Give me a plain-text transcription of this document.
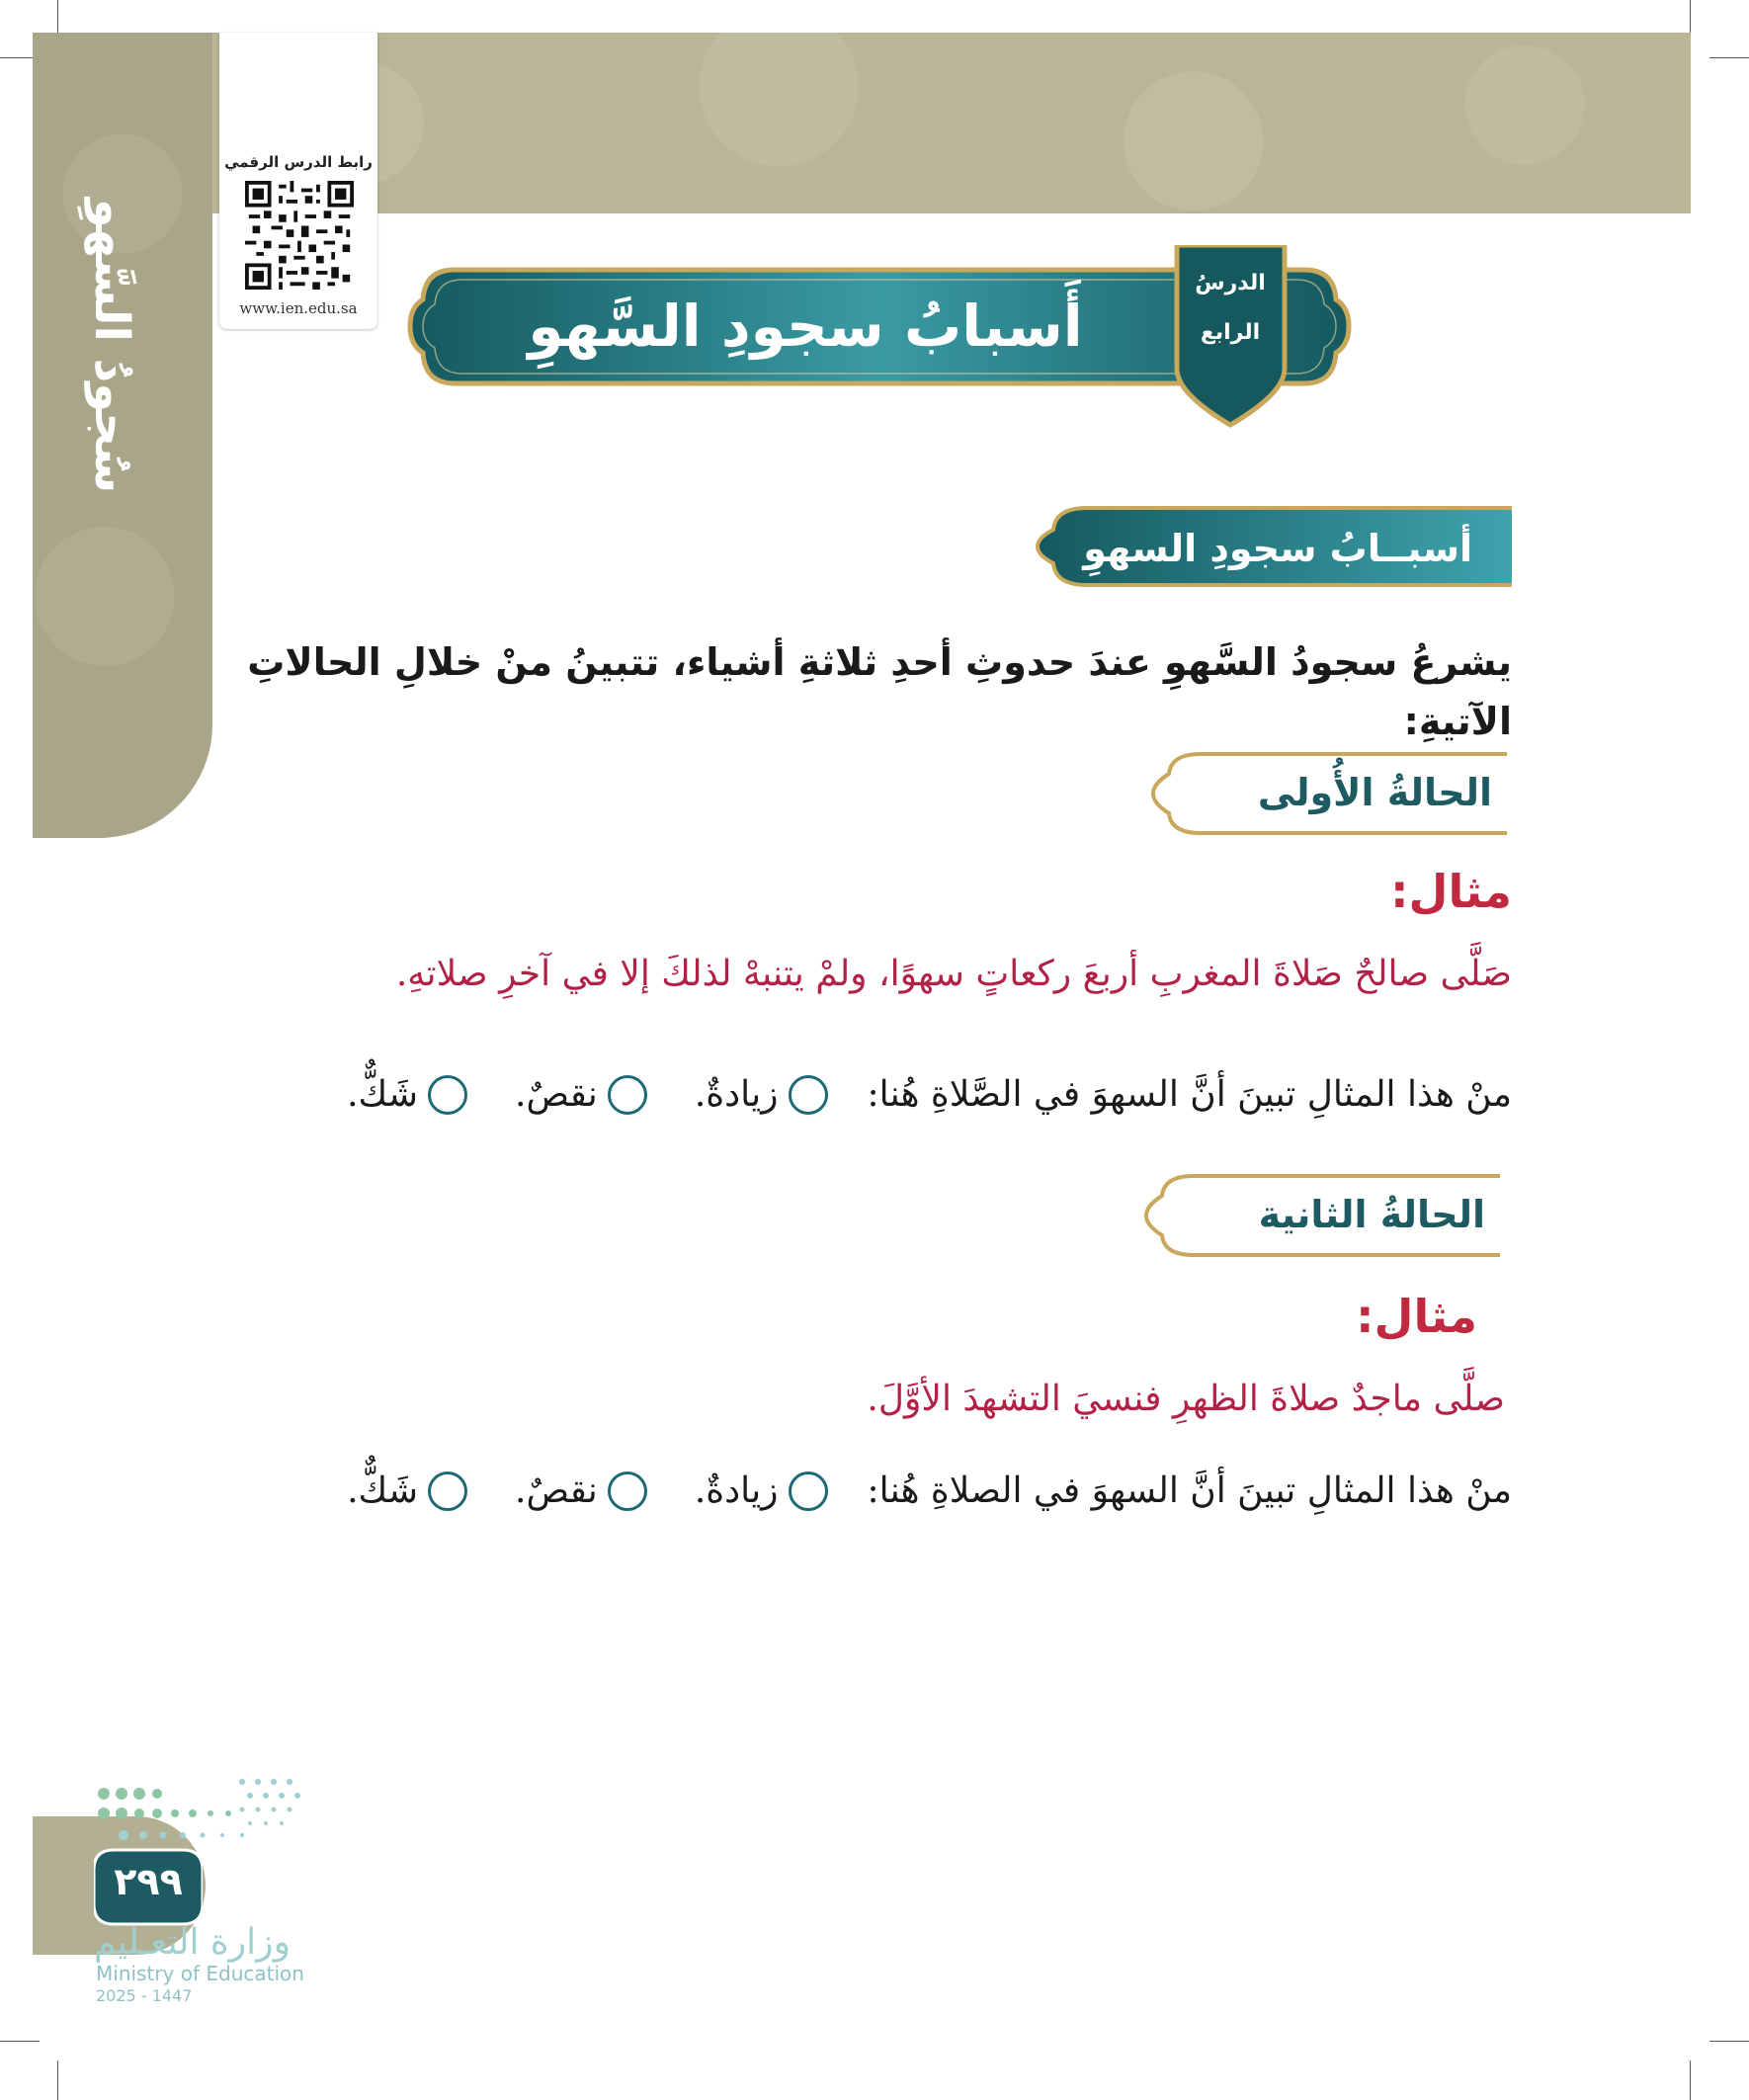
سُجودُ السَّهوِ
رابط الدرس الرقمي
www.ien.edu.sa
الدرسُ
الرابع
أَسبابُ سجودِ السَّهوِ
أسبــابُ سجودِ السهوِ
يشرعُ سجودُ السَّهوِ عندَ حدوثِ أحدِ ثلاثةِ أشياء، تتبينُ منْ خلالِ الحالاتِ الآتيةِ:
الحالةُ الأُولى
مثال:
صَلَّى صالحٌ صَلاةَ المغربِ أربعَ ركعاتٍ سهوًا، ولمْ يتنبهْ لذلكَ إلا في آخرِ صلاتهِ.
منْ هذا المثالِ تبينَ أنَّ السهوَ في الصَّلاةِ هُنا:
زيادةٌ.
نقصٌ.
شَكٌّ.
الحالةُ الثانية
مثال:
صلَّى ماجدٌ صلاةَ الظهرِ فنسيَ التشهدَ الأوَّلَ.
منْ هذا المثالِ تبينَ أنَّ السهوَ في الصلاةِ هُنا:
زيادةٌ.
نقصٌ.
شَكٌّ.
٢٩٩
وزارة التعـليم
Ministry of Education
2025 - 1447
